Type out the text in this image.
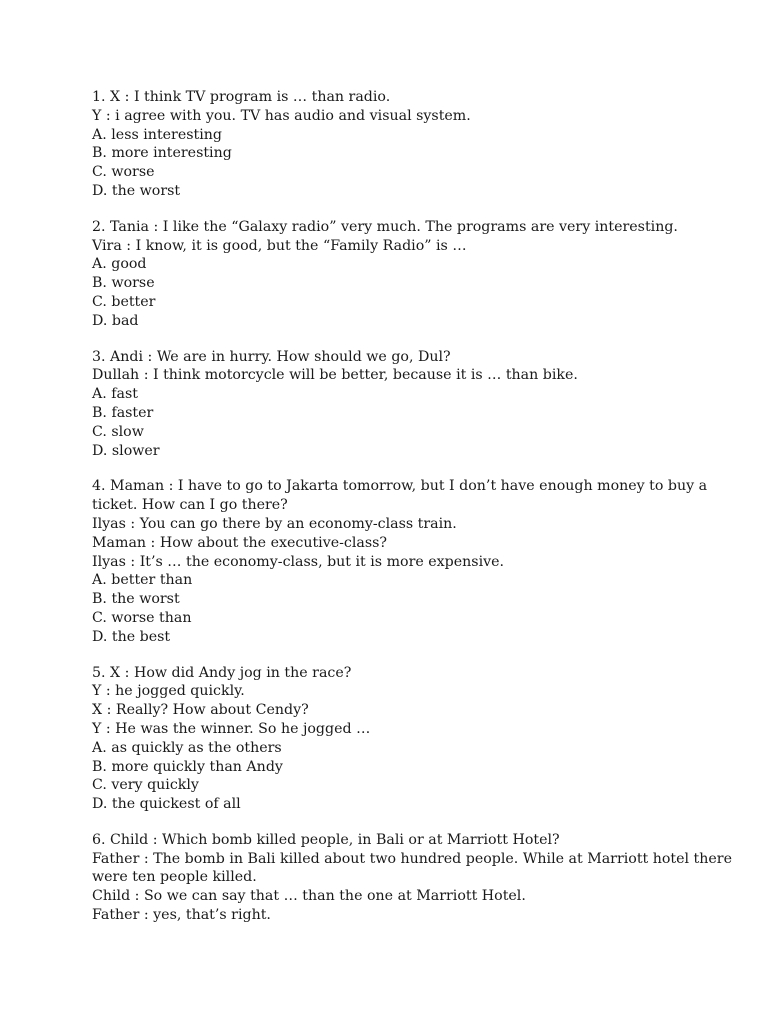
1. X : I think TV program is … than radio.
Y : i agree with you. TV has audio and visual system.
A. less interesting
B. more interesting
C. worse
D. the worst
2. Tania : I like the “Galaxy radio” very much. The programs are very interesting.
Vira : I know, it is good, but the “Family Radio” is …
A. good
B. worse
C. better
D. bad
3. Andi : We are in hurry. How should we go, Dul?
Dullah : I think motorcycle will be better, because it is … than bike.
A. fast
B. faster
C. slow
D. slower
4. Maman : I have to go to Jakarta tomorrow, but I don’t have enough money to buy a ticket. How can I go there?
Ilyas : You can go there by an economy-class train.
Maman : How about the executive-class?
Ilyas : It’s … the economy-class, but it is more expensive.
A. better than
B. the worst
C. worse than
D. the best
5. X : How did Andy jog in the race?
Y : he jogged quickly.
X : Really? How about Cendy?
Y : He was the winner. So he jogged …
A. as quickly as the others
B. more quickly than Andy
C. very quickly
D. the quickest of all
6. Child : Which bomb killed people, in Bali or at Marriott Hotel?
Father : The bomb in Bali killed about two hundred people. While at Marriott hotel there were ten people killed.
Child : So we can say that … than the one at Marriott Hotel.
Father : yes, that’s right.
